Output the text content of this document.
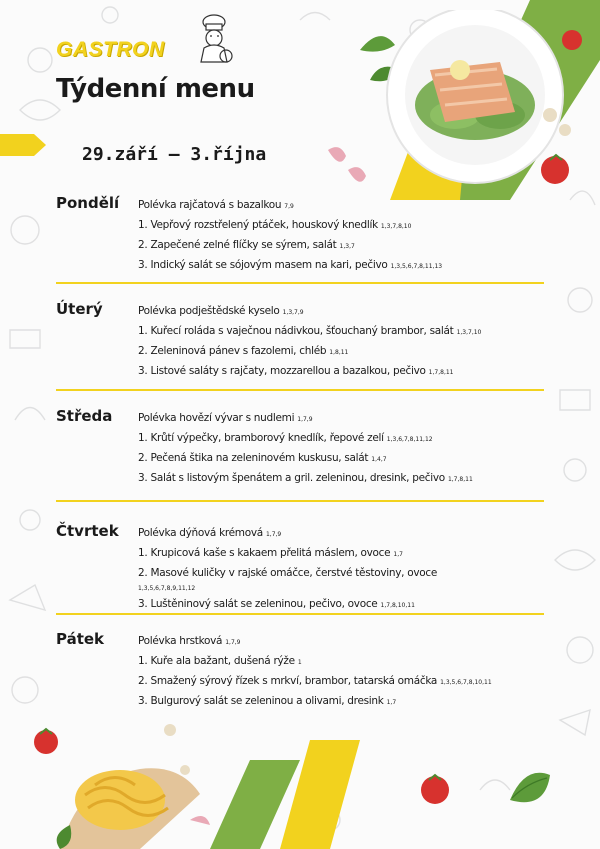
GASTRON
Týdenní menu
29.září – 3.října
Pondělí Polévka rajčatová s bazalkou 7,9
1. Vepřový rozstřelený ptáček, houskový knedlík 1,3,7,8,10
2. Zapečené zelné flíčky se sýrem, salát 1,3,7
3. Indický salát se sójovým masem na kari, pečivo 1,3,5,6,7,8,11,13
Úterý	Polévka podještědské kyselo 1,3,7,9
1. Kuřecí roláda s vaječnou nádivkou, šťouchaný brambor, salát 1,3,7,10
2. Zeleninová pánev s fazolemi, chléb 1,8,11
3. Listové saláty s rajčaty, mozzarellou a bazalkou, pečivo 1,7,8,11
Středa Polévka hovězí vývar s nudlemi 1,7,9
1. Krůtí výpečky, bramborový knedlík, řepové zelí 1,3,6,7,8,11,12
2. Pečená štika na zeleninovém kuskusu, salát 1,4,7
3. Salát s listovým špenátem a gril. zeleninou, dresink, pečivo 1,7,8,11
Čtvrtek Polévka dýňová krémová 1,7,9
1. Krupicová kaše s kakaem přelitá máslem, ovoce 1,7
2. Masové kuličky v rajské omáčce, čerstvé těstoviny, ovoce
1,3,5,6,7,8,9,11,12
3. Luštěninový salát se zeleninou, pečivo, ovoce 1,7,8,10,11
Pátek	Polévka hrstková 1,7,9
1. Kuře ala bažant, dušená rýže 1
2. Smažený sýrový řízek s mrkví, brambor, tatarská omáčka 1,3,5,6,7,8,10,11
3. Bulgurový salát se zeleninou a olivami, dresink 1,7
